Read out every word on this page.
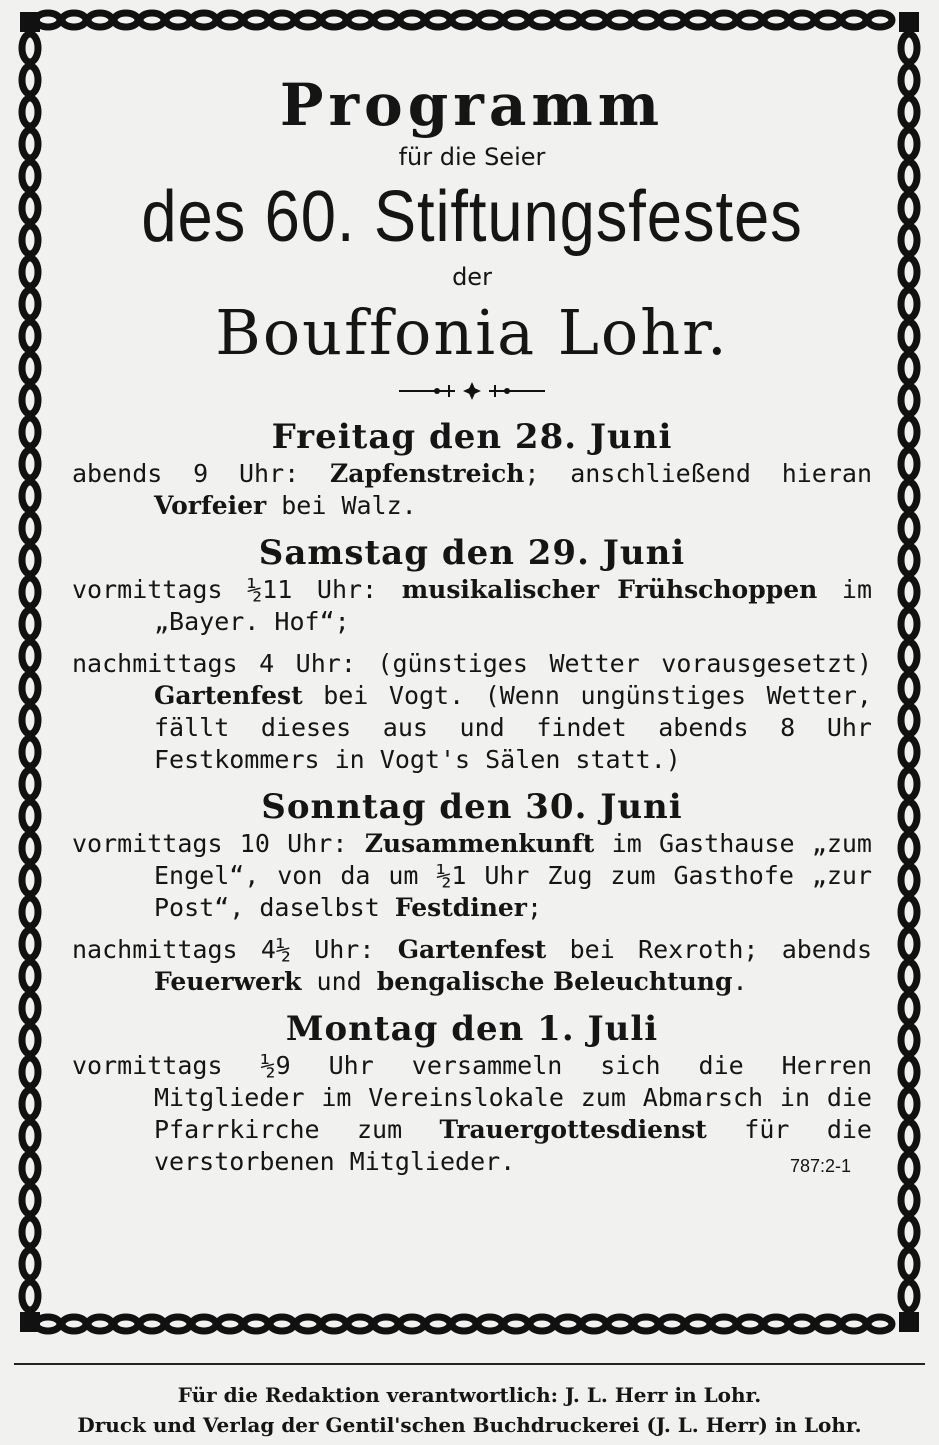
Programm

für die Seier

des 60. Stiftungsfestes

der

Bouffonia Lohr.

Freitag den 28. Juni

abends 9 Uhr: Zapfenstreich; anschließend hieran Vorfeier bei Walz.

Samstag den 29. Juni

vormittags ½11 Uhr: musikalischer Frühschoppen im „Bayer. Hof“;

nachmittags 4 Uhr: (günstiges Wetter vorausgesetzt) Gartenfest bei Vogt. (Wenn ungünstiges Wetter, fällt dieses aus und findet abends 8 Uhr Festkommers in Vogt's Sälen statt.)

Sonntag den 30. Juni

vormittags 10 Uhr: Zusammenkunft im Gasthause „zum Engel“, von da um ½1 Uhr Zug zum Gasthofe „zur Post“, daselbst Festdiner;

nachmittags 4½ Uhr: Gartenfest bei Rexroth; abends Feuerwerk und bengalische Beleuchtung.

Montag den 1. Juli

vormittags ½9 Uhr versammeln sich die Herren Mitglieder im Vereinslokale zum Abmarsch in die Pfarrkirche zum Trauergottesdienst für die verstorbenen Mitglieder.	787:2-1

Für die Redaktion verantwortlich: J. L. Herr in Lohr.
Druck und Verlag der Gentil'schen Buchdruckerei (J. L. Herr) in Lohr.
